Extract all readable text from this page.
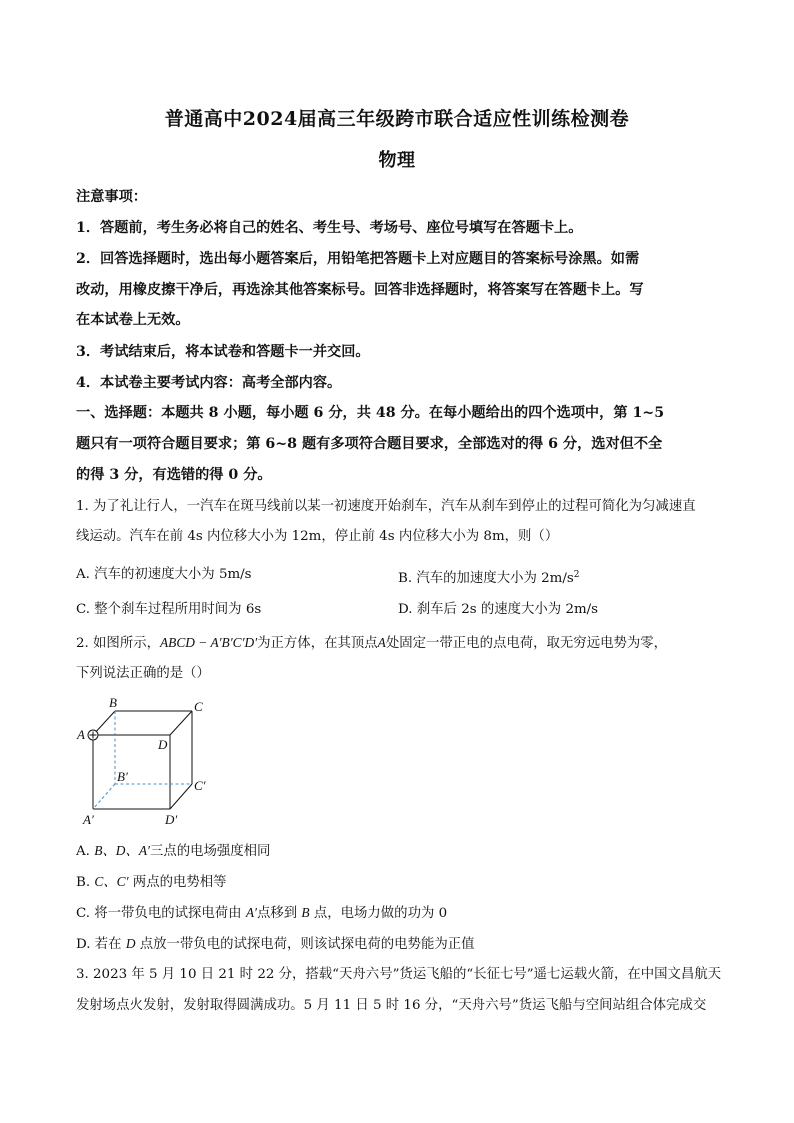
普通高中2024届高三年级跨市联合适应性训练检测卷
物理
注意事项：
1．答题前，考生务必将自己的姓名、考生号、考场号、座位号填写在答题卡上。
2．回答选择题时，选出每小题答案后，用铅笔把答题卡上对应题目的答案标号涂黑。如需
改动，用橡皮擦干净后，再选涂其他答案标号。回答非选择题时，将答案写在答题卡上。写
在本试卷上无效。
3．考试结束后，将本试卷和答题卡一并交回。
4．本试卷主要考试内容：高考全部内容。
一、选择题：本题共 8 小题，每小题 6 分，共 48 分。在每小题给出的四个选项中，第 1~5
题只有一项符合题目要求；第 6~8 题有多项符合题目要求，全部选对的得 6 分，选对但不全
的得 3 分，有选错的得 0 分。
1. 为了礼让行人，一汽车在斑马线前以某一初速度开始刹车，汽车从刹车到停止的过程可简化为匀减速直
线运动。汽车在前 4s 内位移大小为 12m，停止前 4s 内位移大小为 8m，则（）
A. 汽车的初速度大小为 5m/s	B. 汽车的加速度大小为 $2m/s^2$
C. 整个刹车过程所用时间为 6s	D. 刹车后 2s 的速度大小为 2m/s
2. 如图所示，ABCD − A′B′C′D′为正方体，在其顶点A处固定一带正电的点电荷，取无穷远电势为零，
下列说法正确的是（）
B	C
A
D
B′
C′
A′	D′
A. B、D、A′三点的电场强度相同
B. C、C′ 两点的电势相等
C. 将一带负电的试探电荷由 A′点移到 B 点，电场力做的功为 0
D. 若在 D 点放一带负电的试探电荷，则该试探电荷的电势能为正值
3. 2023 年 5 月 10 日 21 时 22 分，搭载“天舟六号”货运飞船的“长征七号”遥七运载火箭，在中国文昌航天
发射场点火发射，发射取得圆满成功。5 月 11 日 5 时 16 分，“天舟六号”货运飞船与空间站组合体完成交
